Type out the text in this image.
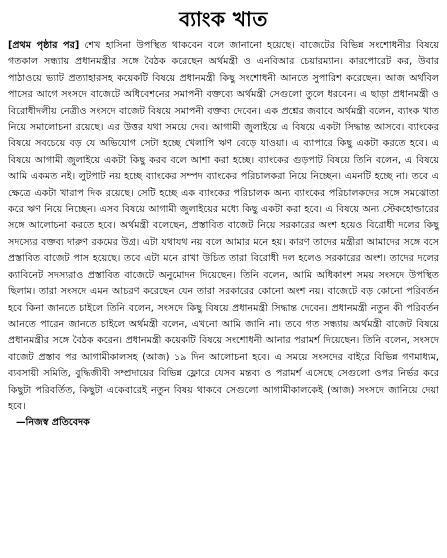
ব্যাংক খাত

[প্রথম পৃষ্ঠার পর] শেখ হাসিনা উপস্থিত থাকবেন বলে জানানো হয়েছে। বাজেটের বিভিন্ন সংশোধনীর বিষয়ে গতকাল সন্ধ্যায় প্রধানমন্ত্রীর সঙ্গে বৈঠক করেছেন অর্থমন্ত্রী ও এনবিআর চেয়ারম্যান। কারপোরেট কর, উবার পাঠাওয়ে ভ্যাট প্রত্যাহারসহ কয়েকটি বিষয়ে প্রধানমন্ত্রী কিছু সংশোধনী আনতে সুপারিশ করেছেন। আজ অর্থবিল পাসের আগে সংসদে বাজেটে অধিবেশনের সমাপনী বক্তব্যে অর্থমন্ত্রী সেগুলো তুলে ধরবেন। এ ছাড়া প্রধানমন্ত্রী ও বিরোধীদলীয় নেত্রীও সংসদে বাজেট বিষয়ে সমাপনী বক্তব্য দেবেন। এক প্রশ্নের জবাবে অর্থমন্ত্রী বলেন, ব্যাংক খাত নিয়ে সমালোচনা রয়েছে। এর উত্তর যথা সময়ে দেব। আগামী জুলাইয়ে এ বিষয়ে একটা সিদ্ধান্ত আসবে। ব্যাংকের বিষয়ে সবচেয়ে বড় যে অভিযোগ সেটা হচ্ছে খেলাপি ঋণ বেড়ে যাওয়া। এ ব্যাপারে কিছু একটা করতে হবে। এ বিষয়ে আগামী জুলাইয়ে একটা কিছু করব বলে আশা করা হচ্ছে। ব্যাংকের গুড়পাট বিষয়ে তিনি বলেন, এ বিষয়ে আমি একমত নই। লুটপাট নয় হচ্ছে ব্যাংকের সম্পদ ব্যাংকের পরিচালকরা নিয়ে নিচ্ছেন। এমনটি হচ্ছে না। তবে এ ক্ষেত্রে একটা খারাপ দিক রয়েছে। সেটি হচ্ছে এক ব্যাংকের পরিচালক অন্য ব্যাংকের পরিচালকদের সঙ্গে সমঝোতা করে ঋণ নিয়ে নিচ্ছেন। এসব বিষয়ে আগামী জুলাইয়ের মধ্যে কিছু একটা করা হবে। এ বিষয়ে অন্য স্টেকহোল্ডারের সঙ্গে আলোচনা করতে হবে। অর্থমন্ত্রী বলেছেন, প্রস্তাবিত বাজেট নিয়ে সরকারের অংশ হয়েও বিরোধী দলের কিছু সদস্যের বক্তব্য দারুণ রকমের উগ্র। এটা যথাযথ নয় বলে আমার মনে হয়। কারণ তাদের মন্ত্রীরা আমাদের সঙ্গে বসে প্রস্তাবিত বাজেট পাস হয়েছে। তবে এটা মনে রাখা উচিত তারা বিরোধী দল হলেও সরকারের অংশ। তাদের দলের ক্যাবিনেট সদস্যরাও প্রস্তাবিত বাজেটে অনুমোদন দিয়েছেন। তিনি বলেন, আমি অধিকাংশ সময় সংসদে উপস্থিত ছিলাম। তারা সংসদে এমন আচরণ করেছেন যেন তারা সরকারের কোনো অংশ নয়। বাজেটে বড় কোনো পরিবর্তন হবে কিনা জানতে চাইলে তিনি বলেন, সংসদে কিছু বিষয়ে প্রধানমন্ত্রী সিদ্ধান্ত দেবেন। প্রধানমন্ত্রী নতুন কী পরিবর্তন আনতে পারেন জানতে চাইলে অর্থমন্ত্রী বলেন, এখনো আমি জানি না। তবে গত সন্ধ্যায় অর্থমন্ত্রী বাজেট বিষয়ে প্রধানমন্ত্রীর সঙ্গে বৈঠক করেন। প্রধানমন্ত্রী কয়েকটি বিষয়ে সংশোধনী আনার পরামর্শ দিয়েছেন। তিনি বলেন, সংসদে বাজেট প্রস্তাব পর আগামীকালসহ (আজ) ১৯ দিন আলোচনা হবে। এ সময়ে সংসদের বাইরে বিভিন্ন গণমাধ্যম, ব্যবসায়ী সমিতি, বুদ্ধিজীবী সম্প্রদায়ের বিভিন্ন ফ্লোরে যেসব মন্তব্য ও পরামর্শ এসেছে সেগুলো ওপর নির্ভর করে কিছুটা পরিবর্তিত, কিছুটা একেবারেই নতুন বিষয় থাকবে সেগুলো আগামীকালকেই (আজ) সংসদে জানিয়ে দেয়া হবে।

—নিজস্ব প্রতিবেদক
